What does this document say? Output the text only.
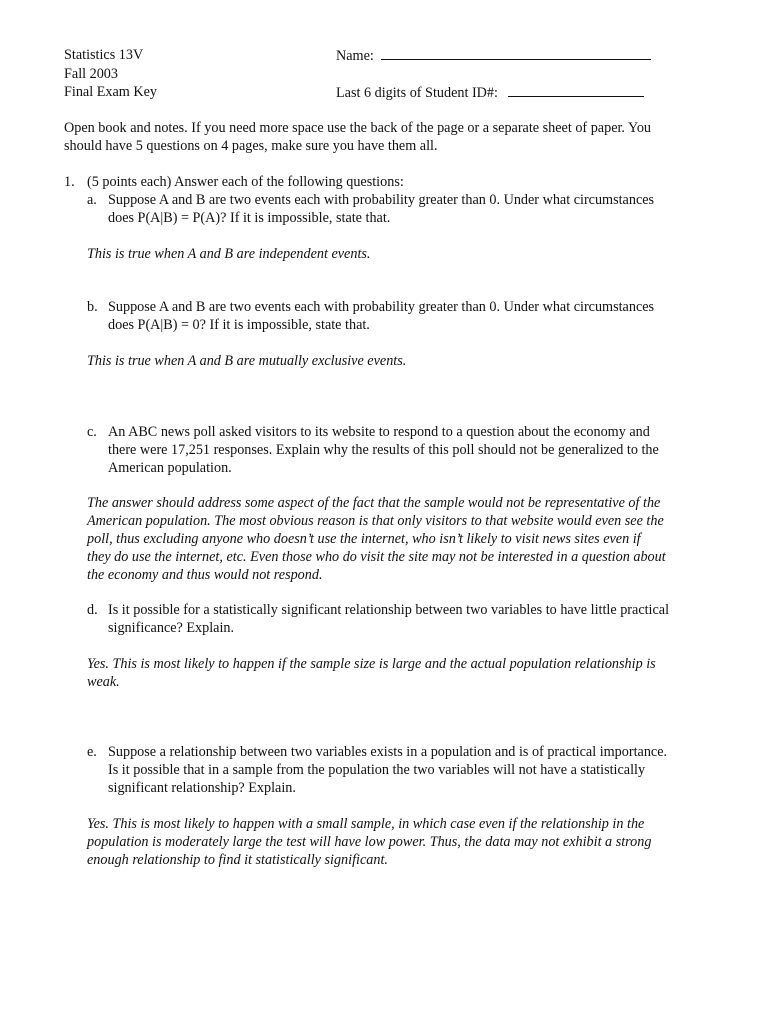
Statistics 13V
Fall 2003
Final Exam Key
Name:
Last 6 digits of Student ID#:
Open book and notes. If you need more space use the back of the page or a separate sheet of paper. You
should have 5 questions on 4 pages, make sure you have them all.
1. (5 points each) Answer each of the following questions:
a. Suppose A and B are two events each with probability greater than 0. Under what circumstances
does P(A|B) = P(A)? If it is impossible, state that.
This is true when A and B are independent events.
b. Suppose A and B are two events each with probability greater than 0. Under what circumstances
does P(A|B) = 0? If it is impossible, state that.
This is true when A and B are mutually exclusive events.
c. An ABC news poll asked visitors to its website to respond to a question about the economy and
there were 17,251 responses. Explain why the results of this poll should not be generalized to the
American population.
The answer should address some aspect of the fact that the sample would not be representative of the
American population. The most obvious reason is that only visitors to that website would even see the
poll, thus excluding anyone who doesn’t use the internet, who isn’t likely to visit news sites even if
they do use the internet, etc. Even those who do visit the site may not be interested in a question about
the economy and thus would not respond.
d. Is it possible for a statistically significant relationship between two variables to have little practical
significance? Explain.
Yes. This is most likely to happen if the sample size is large and the actual population relationship is
weak.
e. Suppose a relationship between two variables exists in a population and is of practical importance.
Is it possible that in a sample from the population the two variables will not have a statistically
significant relationship? Explain.
Yes. This is most likely to happen with a small sample, in which case even if the relationship in the
population is moderately large the test will have low power. Thus, the data may not exhibit a strong
enough relationship to find it statistically significant.
